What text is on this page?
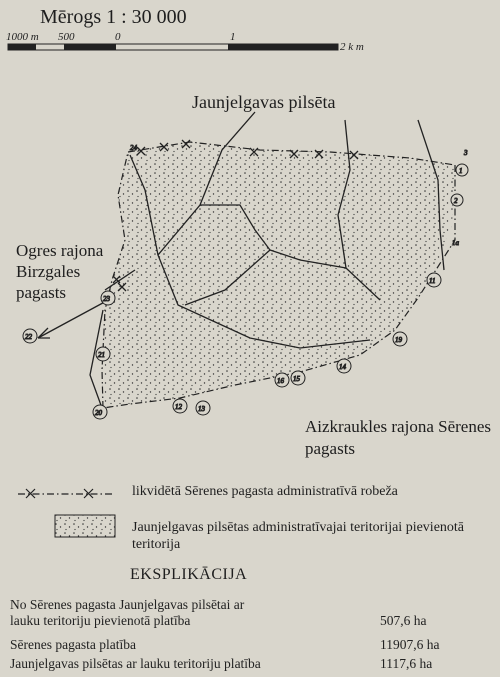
Mērogs 1 : 30 000
1000 m 500	0	1
2 k m
1
2
1a
11
19
14
15
16
12 13
20
21
22
23
3
24
Jaunjelgavas pilsēta
Ogres rajona Birzgales pagasts
Aizkraukles rajona Sērenes pagasts
likvidētā Sērenes pagasta administratīvā robeža
Jaunjelgavas pilsētas administratīvajai teritorijai pievienotā teritorija
EKSPLIKĀCIJA
No Sērenes pagasta Jaunjelgavas pilsētai ar
lauku teritoriju pievienotā platība	507,6 ha
Sērenes pagasta platība	11907,6 ha
Jaunjelgavas pilsētas ar lauku teritoriju platība	1117,6 ha
